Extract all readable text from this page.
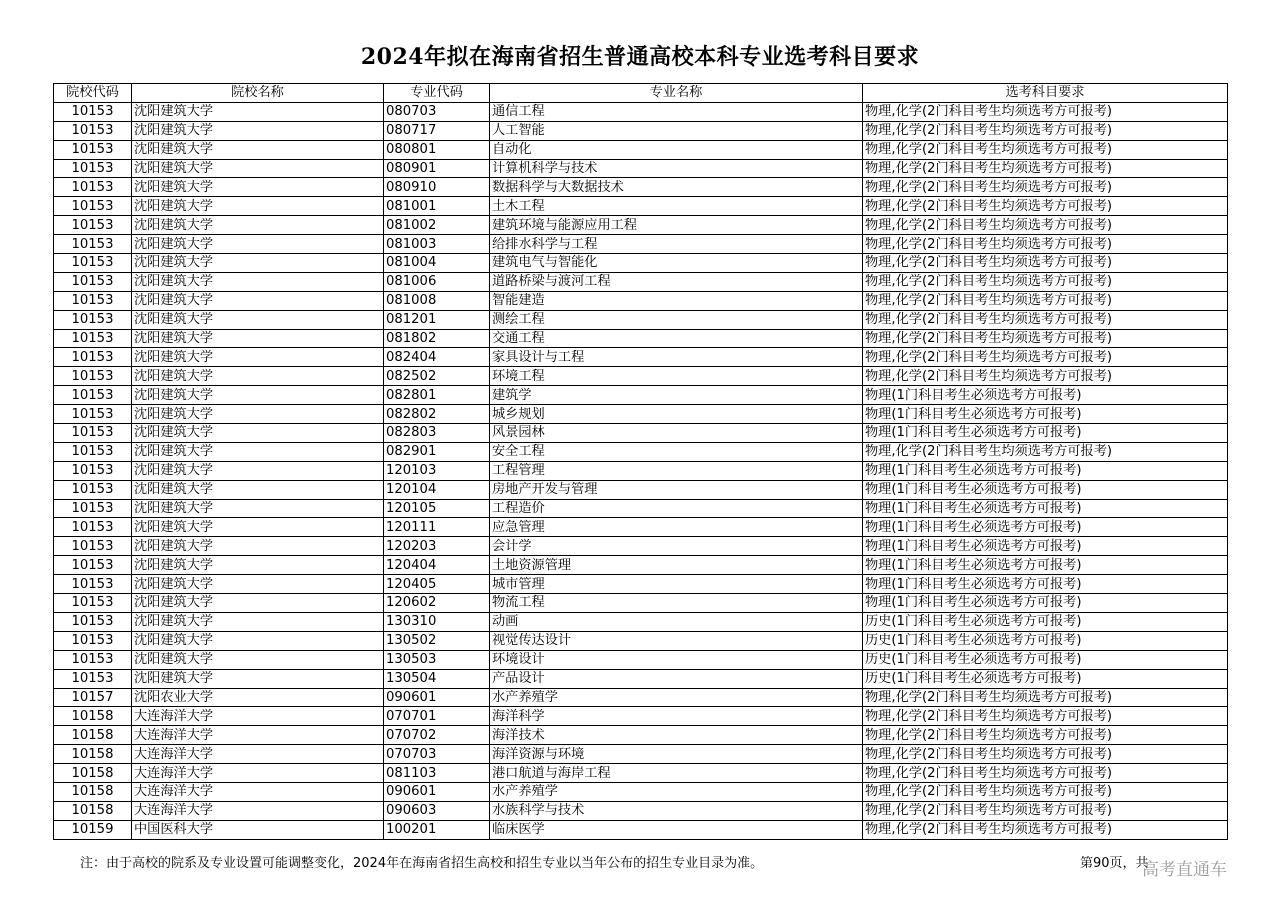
2024年拟在海南省招生普通高校本科专业选考科目要求
院校代码	院校名称	专业代码	专业名称	选考科目要求
10153	沈阳建筑大学	080703	通信工程	物理,化学(2门科目考生均须选考方可报考)
10153	沈阳建筑大学	080717	人工智能	物理,化学(2门科目考生均须选考方可报考)
10153	沈阳建筑大学	080801	自动化	物理,化学(2门科目考生均须选考方可报考)
10153	沈阳建筑大学	080901	计算机科学与技术	物理,化学(2门科目考生均须选考方可报考)
10153	沈阳建筑大学	080910	数据科学与大数据技术	物理,化学(2门科目考生均须选考方可报考)
10153	沈阳建筑大学	081001	土木工程	物理,化学(2门科目考生均须选考方可报考)
10153	沈阳建筑大学	081002	建筑环境与能源应用工程	物理,化学(2门科目考生均须选考方可报考)
10153	沈阳建筑大学	081003	给排水科学与工程	物理,化学(2门科目考生均须选考方可报考)
10153	沈阳建筑大学	081004	建筑电气与智能化	物理,化学(2门科目考生均须选考方可报考)
10153	沈阳建筑大学	081006	道路桥梁与渡河工程	物理,化学(2门科目考生均须选考方可报考)
10153	沈阳建筑大学	081008	智能建造	物理,化学(2门科目考生均须选考方可报考)
10153	沈阳建筑大学	081201	测绘工程	物理,化学(2门科目考生均须选考方可报考)
10153	沈阳建筑大学	081802	交通工程	物理,化学(2门科目考生均须选考方可报考)
10153	沈阳建筑大学	082404	家具设计与工程	物理,化学(2门科目考生均须选考方可报考)
10153	沈阳建筑大学	082502	环境工程	物理,化学(2门科目考生均须选考方可报考)
10153	沈阳建筑大学	082801	建筑学	物理(1门科目考生必须选考方可报考)
10153	沈阳建筑大学	082802	城乡规划	物理(1门科目考生必须选考方可报考)
10153	沈阳建筑大学	082803	风景园林	物理(1门科目考生必须选考方可报考)
10153	沈阳建筑大学	082901	安全工程	物理,化学(2门科目考生均须选考方可报考)
10153	沈阳建筑大学	120103	工程管理	物理(1门科目考生必须选考方可报考)
10153	沈阳建筑大学	120104	房地产开发与管理	物理(1门科目考生必须选考方可报考)
10153	沈阳建筑大学	120105	工程造价	物理(1门科目考生必须选考方可报考)
10153	沈阳建筑大学	120111	应急管理	物理(1门科目考生必须选考方可报考)
10153	沈阳建筑大学	120203	会计学	物理(1门科目考生必须选考方可报考)
10153	沈阳建筑大学	120404	土地资源管理	物理(1门科目考生必须选考方可报考)
10153	沈阳建筑大学	120405	城市管理	物理(1门科目考生必须选考方可报考)
10153	沈阳建筑大学	120602	物流工程	物理(1门科目考生必须选考方可报考)
10153	沈阳建筑大学	130310	动画	历史(1门科目考生必须选考方可报考)
10153	沈阳建筑大学	130502	视觉传达设计	历史(1门科目考生必须选考方可报考)
10153	沈阳建筑大学	130503	环境设计	历史(1门科目考生必须选考方可报考)
10153	沈阳建筑大学	130504	产品设计	历史(1门科目考生必须选考方可报考)
10157	沈阳农业大学	090601	水产养殖学	物理,化学(2门科目考生均须选考方可报考)
10158	大连海洋大学	070701	海洋科学	物理,化学(2门科目考生均须选考方可报考)
10158	大连海洋大学	070702	海洋技术	物理,化学(2门科目考生均须选考方可报考)
10158	大连海洋大学	070703	海洋资源与环境	物理,化学(2门科目考生均须选考方可报考)
10158	大连海洋大学	081103	港口航道与海岸工程	物理,化学(2门科目考生均须选考方可报考)
10158	大连海洋大学	090601	水产养殖学	物理,化学(2门科目考生均须选考方可报考)
10158	大连海洋大学	090603	水族科学与技术	物理,化学(2门科目考生均须选考方可报考)
10159	中国医科大学	100201	临床医学	物理,化学(2门科目考生均须选考方可报考)
注：由于高校的院系及专业设置可能调整变化，2024年在海南省招生高校和招生专业以当年公布的招生专业目录为准。	第90页，共
高考直通车
